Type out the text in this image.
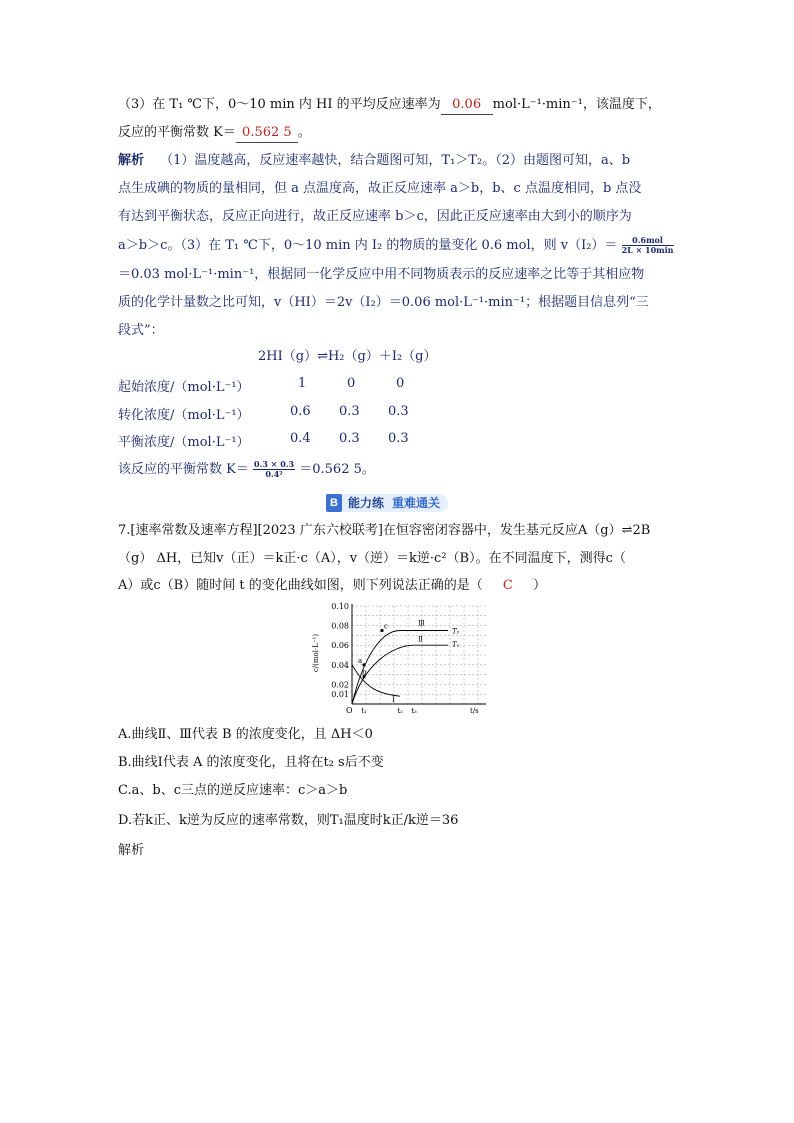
（3）在 T₁ ℃下，0～10 min 内 HI 的平均反应速率为 0.06 mol·L⁻¹·min⁻¹，该温度下，
反应的平衡常数 K＝ 0.562 5 。
解析 （1）温度越高，反应速率越快，结合题图可知，T₁＞T₂。（2）由题图可知，a、b
点生成碘的物质的量相同，但 a 点温度高，故正反应速率 a＞b，b、c 点温度相同，b 点没
有达到平衡状态，反应正向进行，故正反应速率 b＞c，因此正反应速率由大到小的顺序为
a＞b＞c。（3）在 T₁ ℃下，0～10 min 内 I₂ 的物质的量变化 0.6 mol，则 $v(I_2)= \frac{\text{0.6mol}}{2L \times 10\min}$
＝0.03 mol·L⁻¹·min⁻¹，根据同一化学反应中用不同物质表示的反应速率之比等于其相应物
质的化学计量数之比可知，v（HI）＝2v（I₂）＝0.06 mol·L⁻¹·min⁻¹；根据题目信息列“三
段式”：
2HI（g）⇌H₂（g）＋I₂（g）
起始浓度/（mol·L⁻¹）	1	0	0
转化浓度/（mol·L⁻¹）	0.6 0.3 0.3
平衡浓度/（mol·L⁻¹）	0.4 0.3 0.3
该反应的平衡常数 $K= \frac{0.3 \times 0.3}{\text{0.4²}} =0.562$ 5。
B 能力练 重难通关
7.[速率常数及速率方程][2023 广东六校联考]在恒容密闭容器中，发生基元反应A（g）⇌2B
（g） ΔH，已知v（正）＝k正·c（A），v（逆）＝k逆·c²（B）。在不同温度下，测得c（
A）或c（B）随时间 t 的变化曲线如图，则下列说法正确的是（ C ）
0.01
0.02
0.04
0.06
0.08
0.10
t₁	t₂ t₃
O	t/s
c/(mol·L⁻¹)	a
b
c	Ⅲ
Ⅱ
Ⅰ
T₂
T₁
A.曲线Ⅱ、Ⅲ代表 B 的浓度变化，且 ΔH＜0
B.曲线Ⅰ代表 A 的浓度变化，且将在t₂ s后不变
C.a、b、c三点的逆反应速率：c＞a＞b
D.若k正、k逆为反应的速率常数，则T₁温度时k正/k逆＝36
解析
